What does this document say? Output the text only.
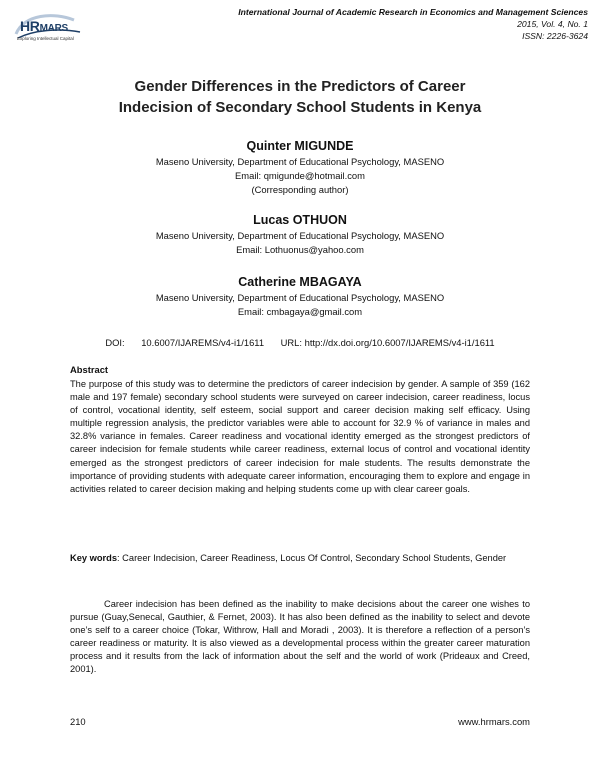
HRMARS
Exploring Intellectual Capital
International Journal of Academic Research in Economics and Management Sciences
2015, Vol. 4, No. 1
ISSN: 2226-3624
Gender Differences in the Predictors of Career
Indecision of Secondary School Students in Kenya
Quinter MIGUNDE
Maseno University, Department of Educational Psychology, MASENO
Email: qmigunde@hotmail.com
(Corresponding author)
Lucas OTHUON
Maseno University, Department of Educational Psychology, MASENO
Email: Lothuonus@yahoo.com
Catherine MBAGAYA
Maseno University, Department of Educational Psychology, MASENO
Email: cmbagaya@gmail.com
DOI: 10.6007/IJAREMS/v4-i1/1611 URL: http://dx.doi.org/10.6007/IJAREMS/v4-i1/1611
Abstract
The purpose of this study was to determine the predictors of career indecision by gender. A sample of 359 (162 male and 197 female) secondary school students were surveyed on career indecision, career readiness, locus of control, vocational identity, self esteem, social support and career decision making self efficacy. Using multiple regression analysis, the predictor variables were able to account for 32.9 % of variance in males and 32.8% variance in females. Career readiness and vocational identity emerged as the strongest predictors of career indecision for female students while career readiness, external locus of control and vocational identity emerged as the strongest predictors of career indecision for male students. The results demonstrate the importance of providing students with adequate career information, encouraging them to explore and engage in activities related to career decision making and helping students come up with clear career goals.
Key words: Career Indecision, Career Readiness, Locus Of Control, Secondary School Students, Gender
Career indecision has been defined as the inability to make decisions about the career one wishes to pursue (Guay,Senecal, Gauthier, & Fernet, 2003). It has also been defined as the inability to select and devote one’s self to a career choice (Tokar, Withrow, Hall and Moradi , 2003). It is therefore a reflection of a person’s career readiness or maturity. It is also viewed as a developmental process within the greater career maturation process and it results from the lack of information about the self and the world of work (Prideaux and Creed, 2001).
210	www.hrmars.com
